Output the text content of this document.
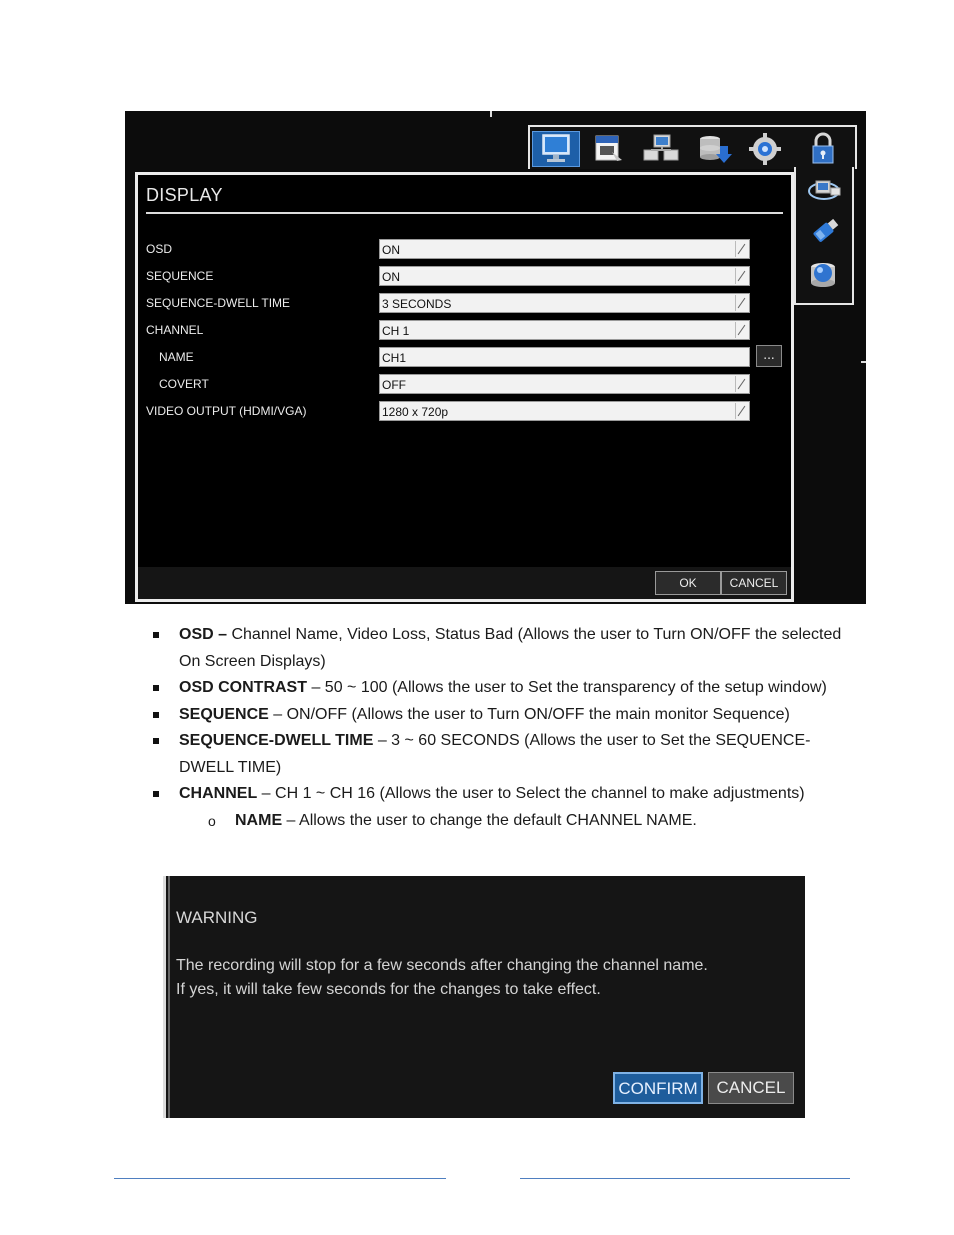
DISPLAY
OSD	ON
SEQUENCE	ON
SEQUENCE-DWELL TIME	3 SECONDS
CHANNEL	CH 1
NAME	CH1	...
COVERT	OFF
VIDEO OUTPUT (HDMI/VGA)	1280 x 720p
OK	CANCEL
OSD – Channel Name, Video Loss, Status Bad (Allows the user to Turn ON/OFF the selected On Screen Displays)
OSD CONTRAST – 50 ~ 100 (Allows the user to Set the transparency of the setup window)
SEQUENCE – ON/OFF (Allows the user to Turn ON/OFF the main monitor Sequence)
SEQUENCE-DWELL TIME – 3 ~ 60 SECONDS (Allows the user to Set the SEQUENCE-DWELL TIME)
CHANNEL – CH 1 ~ CH 16 (Allows the user to Select the channel to make adjustments)
o NAME – Allows the user to change the default CHANNEL NAME.
WARNING
The recording will stop for a few seconds after changing the channel name.
If yes, it will take few seconds for the changes to take effect.
CONFIRM	CANCEL
